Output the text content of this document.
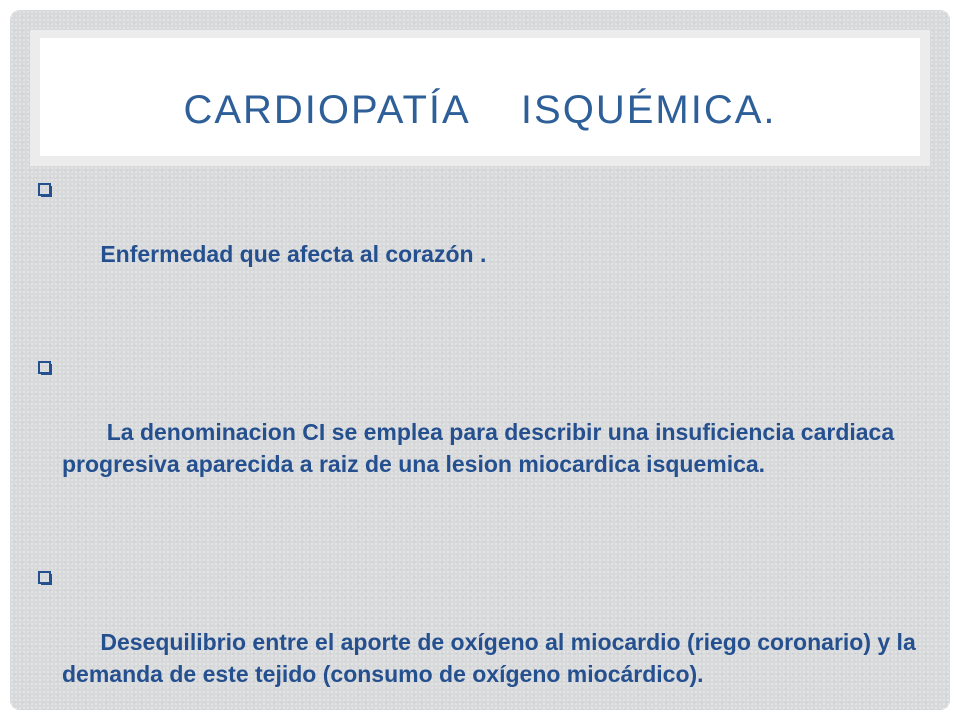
CARDIOPATÍA    ISQUÉMICA.

Enfermedad que afecta al corazón .

La denominacion CI se emplea para describir una insuficiencia cardiaca progresiva aparecida a raiz de una lesion miocardica isquemica.

Desequilibrio entre el aporte de oxígeno al miocardio (riego coronario) y la demanda de este tejido (consumo de oxígeno miocárdico).
